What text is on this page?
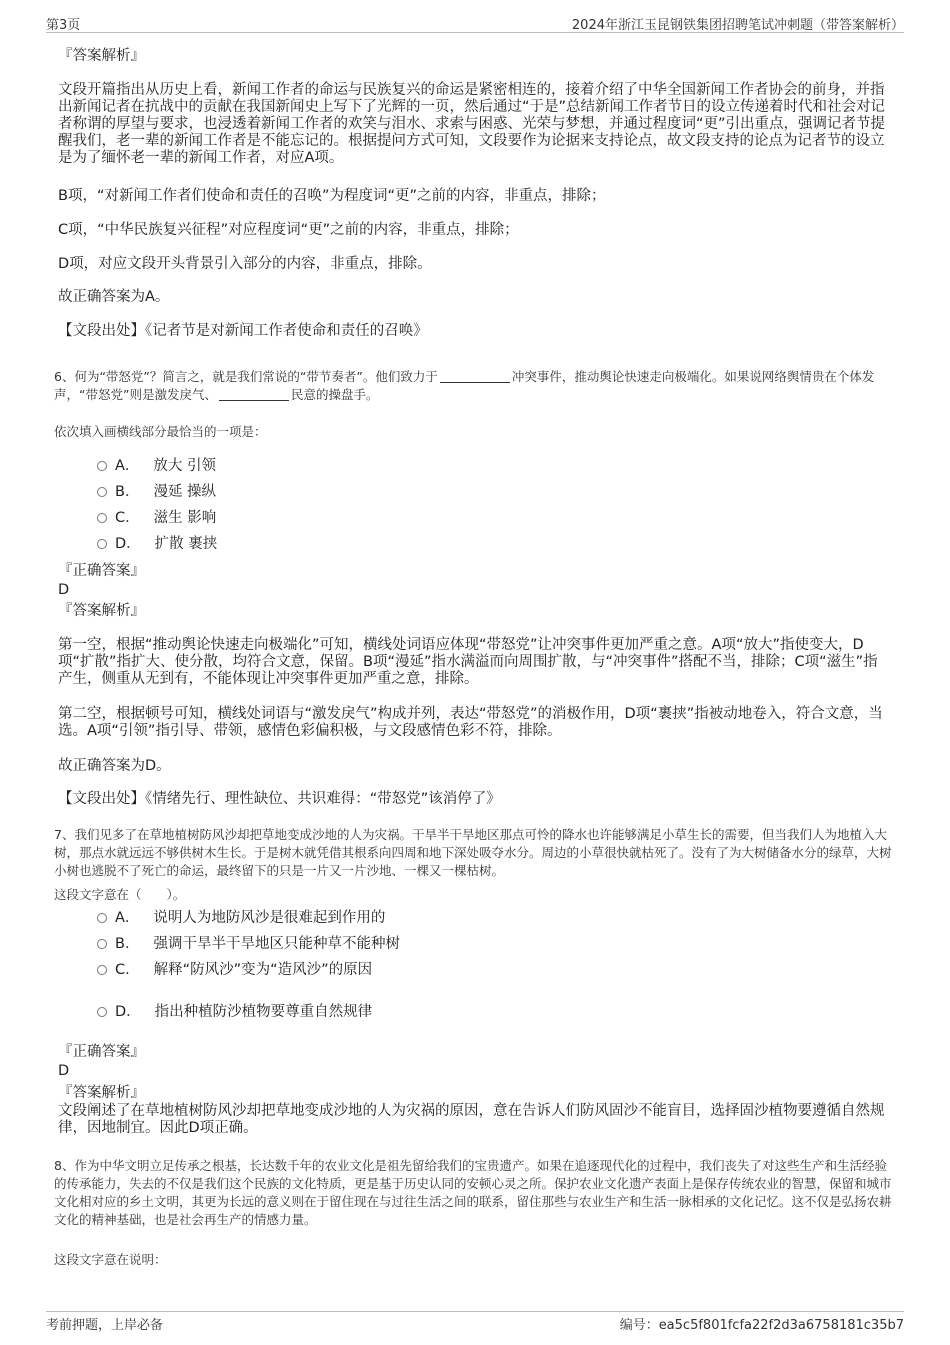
第3页	2024年浙江玉昆钢铁集团招聘笔试冲刺题（带答案解析）
『答案解析』
文段开篇指出从历史上看，新闻工作者的命运与民族复兴的命运是紧密相连的，接着介绍了中华全国新闻工作者协会的前身，并指出新闻记者在抗战中的贡献在我国新闻史上写下了光辉的一页，然后通过“于是”总结新闻工作者节日的设立传递着时代和社会对记者称谓的厚望与要求，也浸透着新闻工作者的欢笑与泪水、求索与困惑、光荣与梦想，并通过程度词“更”引出重点，强调记者节提醒我们，老一辈的新闻工作者是不能忘记的。根据提问方式可知，文段要作为论据来支持论点，故文段支持的论点为记者节的设立是为了缅怀老一辈的新闻工作者，对应A项。
B项，“对新闻工作者们使命和责任的召唤”为程度词“更”之前的内容，非重点，排除；
C项，“中华民族复兴征程”对应程度词“更”之前的内容，非重点，排除；
D项，对应文段开头背景引入部分的内容，非重点，排除。
故正确答案为A。
【文段出处】《记者节是对新闻工作者使命和责任的召唤》
6、何为“带怒党”？简言之，就是我们常说的“带节奏者”。他们致力于	冲突事件，推动舆论快速走向极端化。如果说网络舆情贵在个体发声，“带怒党”则是激发戾气、	民意的操盘手。
依次填入画横线部分最恰当的一项是：
A． 放大 引领
B． 漫延 操纵
C． 滋生 影响
D． 扩散 裹挟
『正确答案』
D
『答案解析』
第一空，根据“推动舆论快速走向极端化”可知，横线处词语应体现“带怒党”让冲突事件更加严重之意。A项“放大”指使变大，D项“扩散”指扩大、使分散，均符合文意，保留。B项“漫延”指水满溢而向周围扩散，与“冲突事件”搭配不当，排除；C项“滋生”指产生，侧重从无到有，不能体现让冲突事件更加严重之意，排除。
第二空，根据顿号可知，横线处词语与“激发戾气”构成并列，表达“带怒党”的消极作用，D项“裹挟”指被动地卷入，符合文意，当选。A项“引领”指引导、带领，感情色彩偏积极，与文段感情色彩不符，排除。
故正确答案为D。
【文段出处】《情绪先行、理性缺位、共识难得：“带怒党”该消停了》
7、我们见多了在草地植树防风沙却把草地变成沙地的人为灾祸。干旱半干旱地区那点可怜的降水也许能够满足小草生长的需要，但当我们人为地植入大树，那点水就远远不够供树木生长。于是树木就凭借其根系向四周和地下深处吸夺水分。周边的小草很快就枯死了。没有了为大树储备水分的绿草，大树小树也逃脱不了死亡的命运，最终留下的只是一片又一片沙地、一棵又一棵枯树。
这段文字意在（　　）。
A． 说明人为地防风沙是很难起到作用的
B． 强调干旱半干旱地区只能种草不能种树
C． 解释“防风沙”变为“造风沙”的原因
D． 指出种植防沙植物要尊重自然规律
『正确答案』
D
『答案解析』
文段阐述了在草地植树防风沙却把草地变成沙地的人为灾祸的原因，意在告诉人们防风固沙不能盲目，选择固沙植物要遵循自然规律，因地制宜。因此D项正确。
8、作为中华文明立足传承之根基，长达数千年的农业文化是祖先留给我们的宝贵遗产。如果在追逐现代化的过程中，我们丧失了对这些生产和生活经验的传承能力，失去的不仅是我们这个民族的文化特质，更是基于历史认同的安顿心灵之所。保护农业文化遗产表面上是保存传统农业的智慧，保留和城市文化相对应的乡土文明，其更为长远的意义则在于留住现在与过往生活之间的联系，留住那些与农业生产和生活一脉相承的文化记忆。这不仅是弘扬农耕文化的精神基础，也是社会再生产的情感力量。
这段文字意在说明：
考前押题，上岸必备	编号：ea5c5f801fcfa22f2d3a6758181c35b7
